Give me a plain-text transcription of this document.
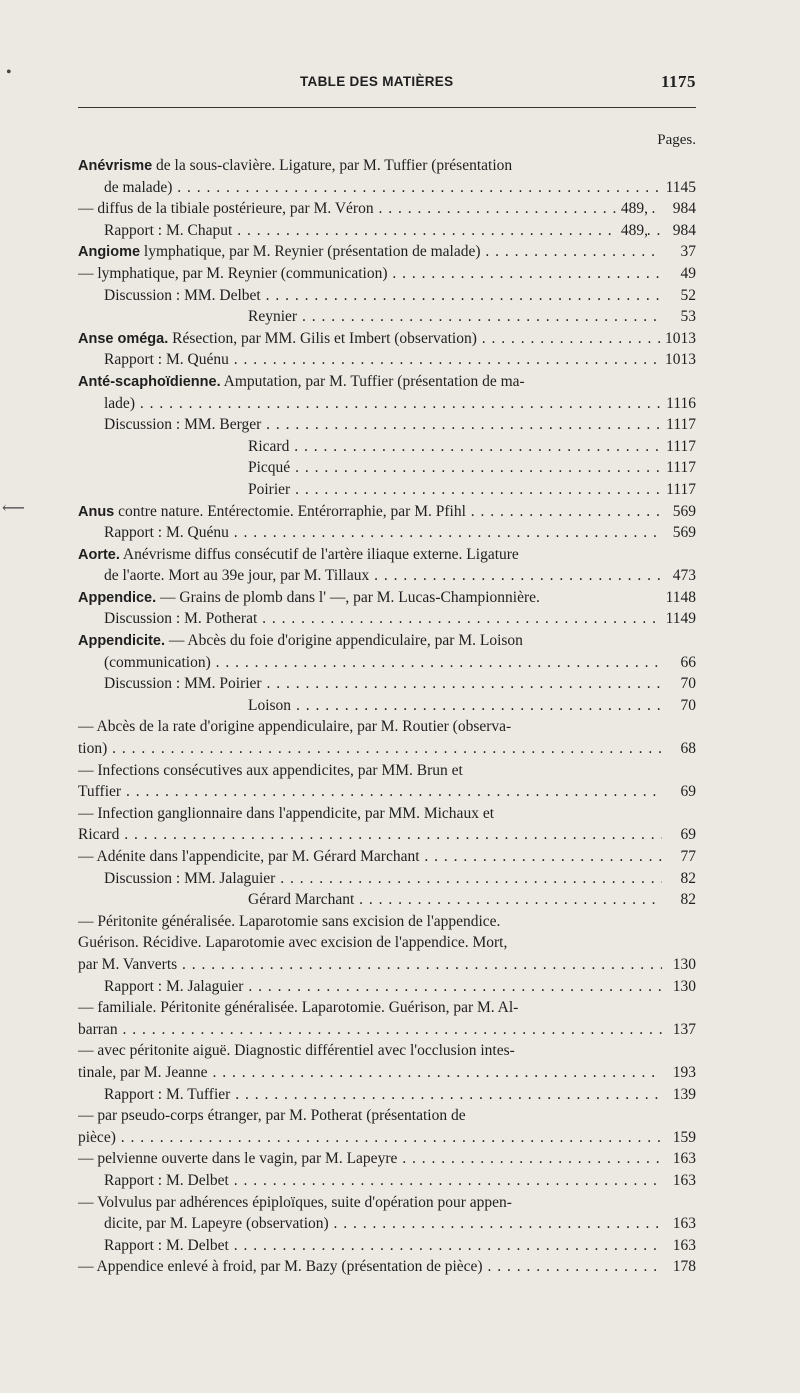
TABLE DES MATIÈRES	1175
Pages.
Anévrisme de la sous-clavière. Ligature, par M. Tuffier (présentation
de malade) . . .	1145
— diffus de la tibiale postérieure, par M. Véron . . .	489,	984
Rapport : M. Chaput . . .	489,	984
Angiome lymphatique, par M. Reynier (présentation de malade) . . .	37
— lymphatique, par M. Reynier (communication) . . .	49
Discussion : MM. Delbet . . .	52
Reynier . . .	53
Anse oméga. Résection, par MM. Gilis et Imbert (observation) . . .	1013
Rapport : M. Quénu . . .	1013
Anté-scaphoïdienne. Amputation, par M. Tuffier (présentation de ma-
lade) . . .	1116
Discussion : MM. Berger . . .	1117
Ricard . . .	1117
Picqué . . .	1117
Poirier . . .	1117
Anus contre nature. Entérectomie. Entérorraphie, par M. Pfihl . . .	569
Rapport : M. Quénu . . .	569
Aorte. Anévrisme diffus consécutif de l'artère iliaque externe. Ligature
de l'aorte. Mort au 39e jour, par M. Tillaux . . .	473
Appendice. — Grains de plomb dans l' —, par M. Lucas-Championnière.	1148
Discussion : M. Potherat . . .	1149
Appendicite. — Abcès du foie d'origine appendiculaire, par M. Loison
(communication) . . .	66
Discussion : MM. Poirier . . .	70
Loison . . .	70
— Abcès de la rate d'origine appendiculaire, par M. Routier (observa-
tion) . . .	68
— Infections consécutives aux appendicites, par MM. Brun et
Tuffier . . .	69
— Infection ganglionnaire dans l'appendicite, par MM. Michaux et
Ricard . . .	69
— Adénite dans l'appendicite, par M. Gérard Marchant . . .	77
Discussion : MM. Jalaguier . . .	82
Gérard Marchant . . .	82
— Péritonite généralisée. Laparotomie sans excision de l'appendice.
Guérison. Récidive. Laparotomie avec excision de l'appendice. Mort,
par M. Vanverts . . .	130
Rapport : M. Jalaguier . . .	130
— familiale. Péritonite généralisée. Laparotomie. Guérison, par M. Al-
barran . . .	137
— avec péritonite aiguë. Diagnostic différentiel avec l'occlusion intes-
tinale, par M. Jeanne . . .	193
Rapport : M. Tuffier . . .	139
— par pseudo-corps étranger, par M. Potherat (présentation de
pièce) . . .	159
— pelvienne ouverte dans le vagin, par M. Lapeyre . . .	163
Rapport : M. Delbet . . .	163
— Volvulus par adhérences épiploïques, suite d'opération pour appen-
dicite, par M. Lapeyre (observation) . . .	163
Rapport : M. Delbet . . .	163
— Appendice enlevé à froid, par M. Bazy (présentation de pièce) . . .	178
•
⟵
